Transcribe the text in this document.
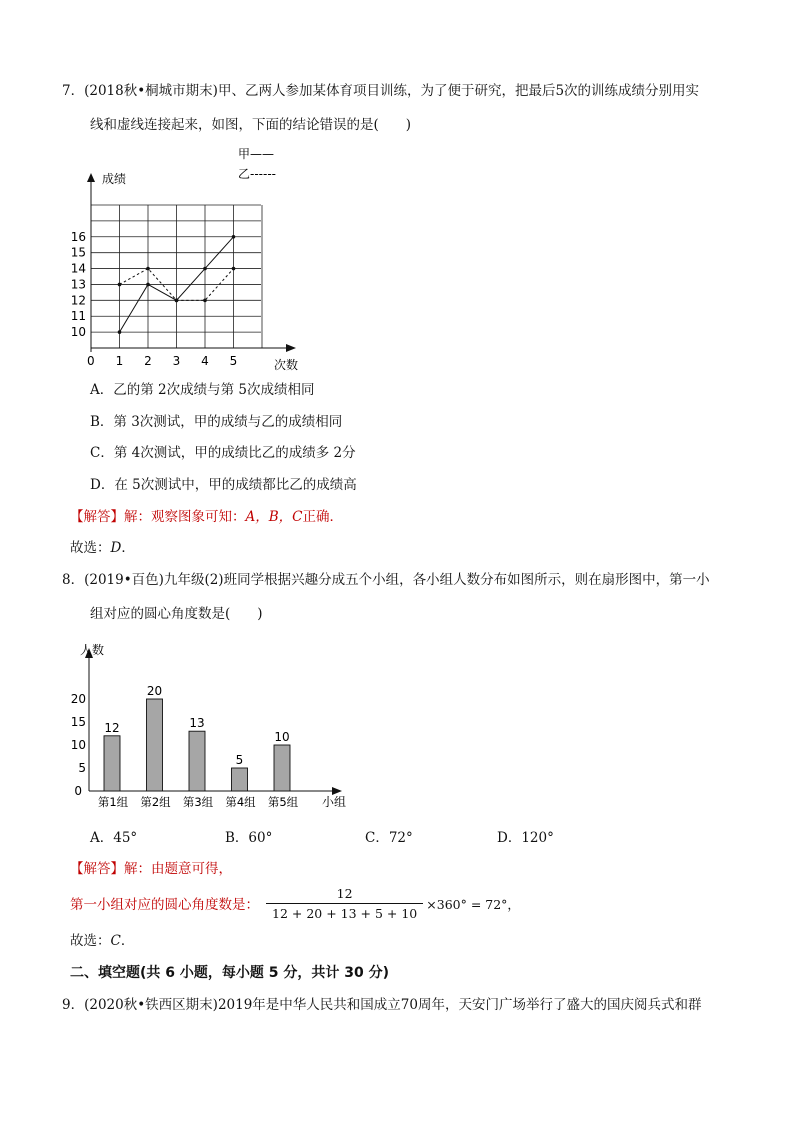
7．(2018秋•桐城市期末)甲、乙两人参加某体育项目训练，为了便于研究，把最后5次的训练成绩分别用实
线和虚线连接起来，如图，下面的结论错误的是(　　)
成绩
次数
0 1 2 3 4 5
10
11
12
13
14
15
16
甲——
乙------
A．乙的第 2次成绩与第 5次成绩相同
B．第 3次测试，甲的成绩与乙的成绩相同
C．第 4次测试，甲的成绩比乙的成绩多 2分
D．在 5次测试中，甲的成绩都比乙的成绩高
【解答】解：观察图象可知：A，B，C正确．
故选：D．
8．(2019•百色)九年级(2)班同学根据兴趣分成五个小组，各小组人数分布如图所示，则在扇形图中，第一小
组对应的圆心角度数是(　　)
人数
小组
0
5
10
15
20
第1组 第2组 第3组 第4组 第5组
12
20
13
5
10
A．45°	B．60°	C．72°	D．120°
【解答】解：由题意可得，
第一小组对应的圆心角度数是： $\frac{12}{12 + 20 + 13 + 5 + 10} \times 360^\circ = 72^\circ$，
故选：C．
二、填空题(共 6 小题，每小题 5 分，共计 30 分)
9．(2020秋•铁西区期末)2019年是中华人民共和国成立70周年，天安门广场举行了盛大的国庆阅兵式和群
